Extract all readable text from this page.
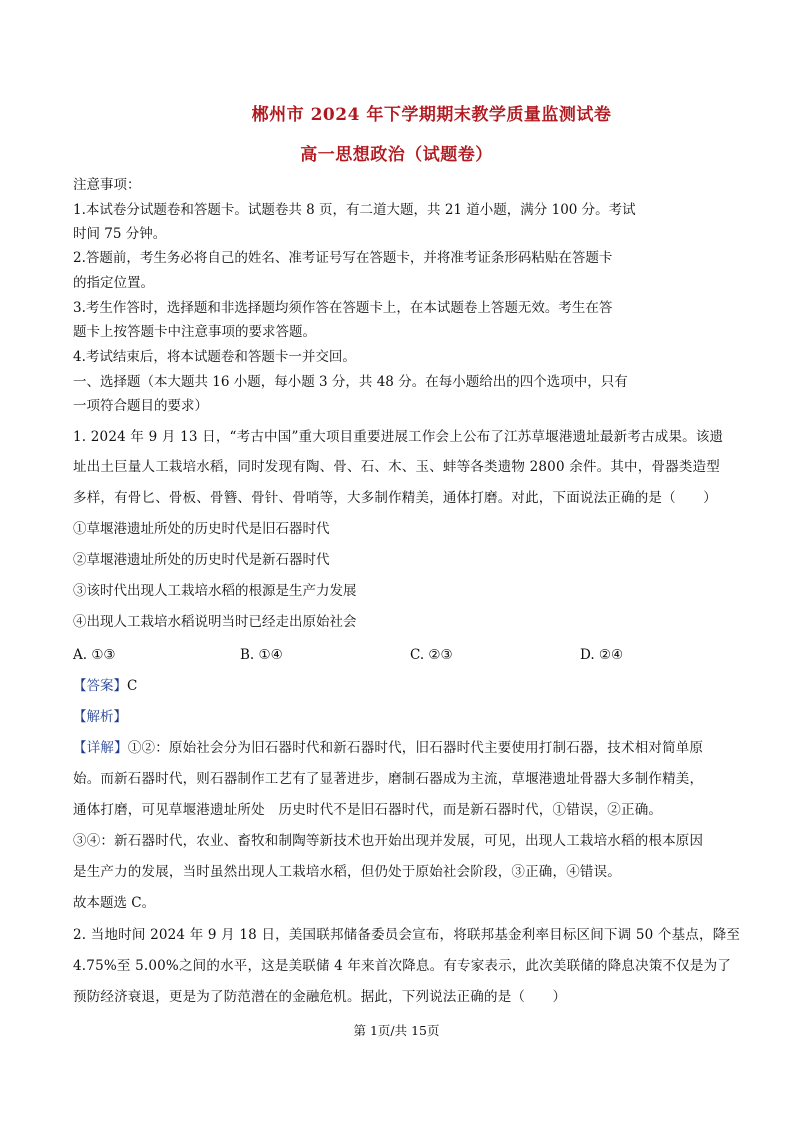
郴州市 2024 年下学期期末教学质量监测试卷
高一思想政治（试题卷）
注意事项：
1.本试卷分试题卷和答题卡。试题卷共 8 页，有二道大题，共 21 道小题，满分 100 分。考试
时间 75 分钟。
2.答题前，考生务必将自己的姓名、准考证号写在答题卡，并将准考证条形码粘贴在答题卡
的指定位置。
3.考生作答时，选择题和非选择题均须作答在答题卡上，在本试题卷上答题无效。考生在答
题卡上按答题卡中注意事项的要求答题。
4.考试结束后，将本试题卷和答题卡一并交回。
一、选择题（本大题共 16 小题，每小题 3 分，共 48 分。在每小题给出的四个选项中，只有
一项符合题目的要求）
1. 2024 年 9 月 13 日，“考古中国”重大项目重要进展工作会上公布了江苏草堰港遗址最新考古成果。该遗
址出土巨量人工栽培水稻，同时发现有陶、骨、石、木、玉、蚌等各类遗物 2800 余件。其中，骨器类造型
多样，有骨匕、骨板、骨簪、骨针、骨哨等，大多制作精美，通体打磨。对此，下面说法正确的是（　　）
①草堰港遗址所处的历史时代是旧石器时代
②草堰港遗址所处的历史时代是新石器时代
③该时代出现人工栽培水稻的根源是生产力发展
④出现人工栽培水稻说明当时已经走出原始社会
A. ①③	B. ①④	C. ②③	D. ②④
【答案】C
【解析】
【详解】①②：原始社会分为旧石器时代和新石器时代，旧石器时代主要使用打制石器，技术相对简单原
始。而新石器时代，则石器制作工艺有了显著进步，磨制石器成为主流，草堰港遗址骨器大多制作精美，
通体打磨，可见草堰港遗址所处　历史时代不是旧石器时代，而是新石器时代，①错误，②正确。
③④：新石器时代，农业、畜牧和制陶等新技术也开始出现并发展，可见，出现人工栽培水稻的根本原因
是生产力的发展，当时虽然出现人工栽培水稻，但仍处于原始社会阶段，③正确，④错误。
故本题选 C。
2. 当地时间 2024 年 9 月 18 日，美国联邦储备委员会宣布，将联邦基金利率目标区间下调 50 个基点，降至
4.75%至 5.00%之间的水平，这是美联储 4 年来首次降息。有专家表示，此次美联储的降息决策不仅是为了
预防经济衰退，更是为了防范潜在的金融危机。据此，下列说法正确的是（　　）
第 1页/共 15页
